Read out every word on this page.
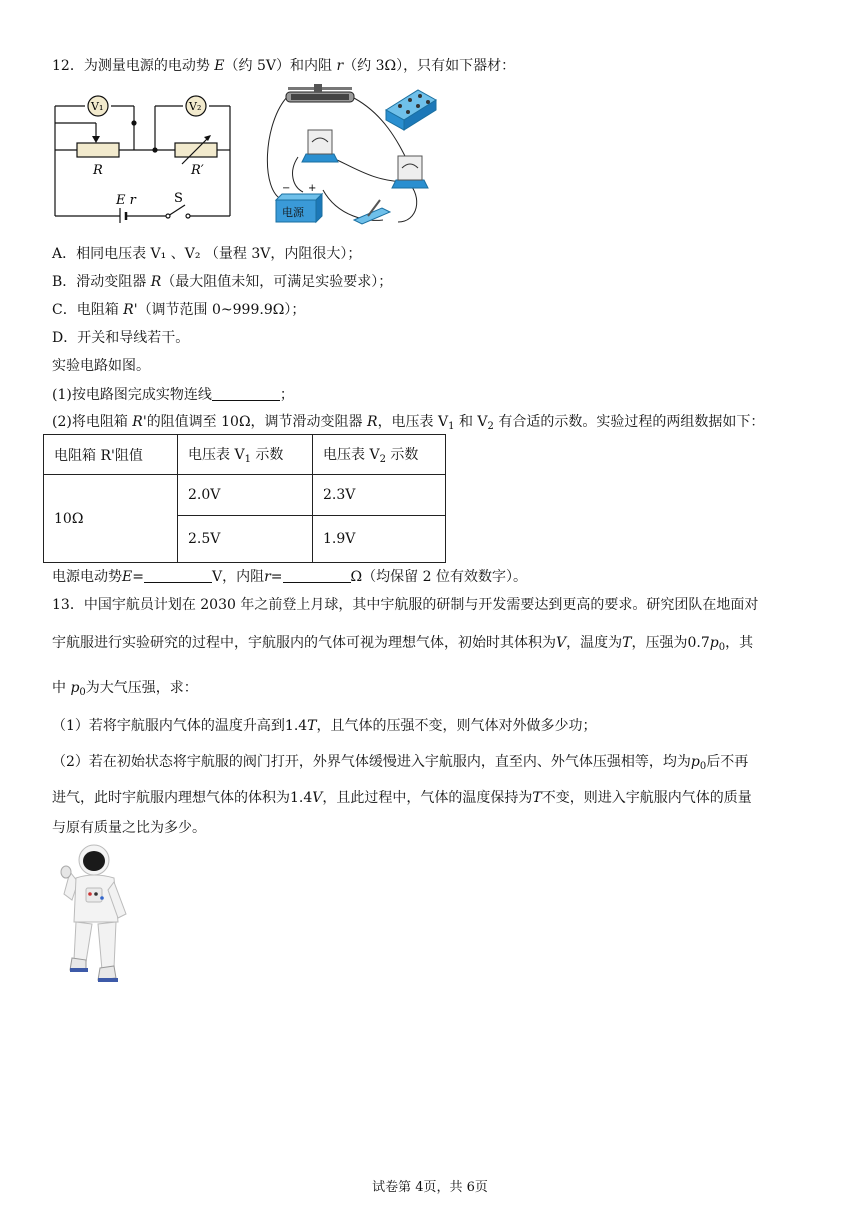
12．为测量电源的电动势 E（约 5V）和内阻 r（约 3Ω），只有如下器材：
V₁	V₂
R	R′
E r	S
电源
− +
A．相同电压表 V₁ 、V₂ （量程 3V，内阻很大）；
B．滑动变阻器 R（最大阻值未知，可满足实验要求）；
C．电阻箱 R'（调节范围 0~999.9Ω）；
D．开关和导线若干。
实验电路如图。
(1)按电路图完成实物连线	；
(2)将电阻箱 R'的阻值调至 10Ω，调节滑动变阻器 R，电压表 $V_1$ 和 $V_2$ 有合适的示数。实验过程的两组数据如下：
电阻箱 R'阻值	电压表 $V_1$ 示数	电压表 $V_2$ 示数
10Ω	2.0V	2.3V
	2.5V	1.9V
电源电动势E=	V，内阻r=	Ω（均保留 2 位有效数字）。
13．中国宇航员计划在 2030 年之前登上月球，其中宇航服的研制与开发需要达到更高的要求。研究团队在地面对
宇航服进行实验研究的过程中，宇航服内的气体可视为理想气体，初始时其体积为V，温度为T，压强为$0.7p_0$，其
中 $p_0$为大气压强，求：
（1）若将宇航服内气体的温度升高到1.4T，且气体的压强不变，则气体对外做多少功；
（2）若在初始状态将宇航服的阀门打开，外界气体缓慢进入宇航服内，直至内、外气体压强相等，均为$p_0$后不再
进气，此时宇航服内理想气体的体积为1.4V，且此过程中，气体的温度保持为T不变，则进入宇航服内气体的质量
与原有质量之比为多少。
试卷第 4页，共 6页
